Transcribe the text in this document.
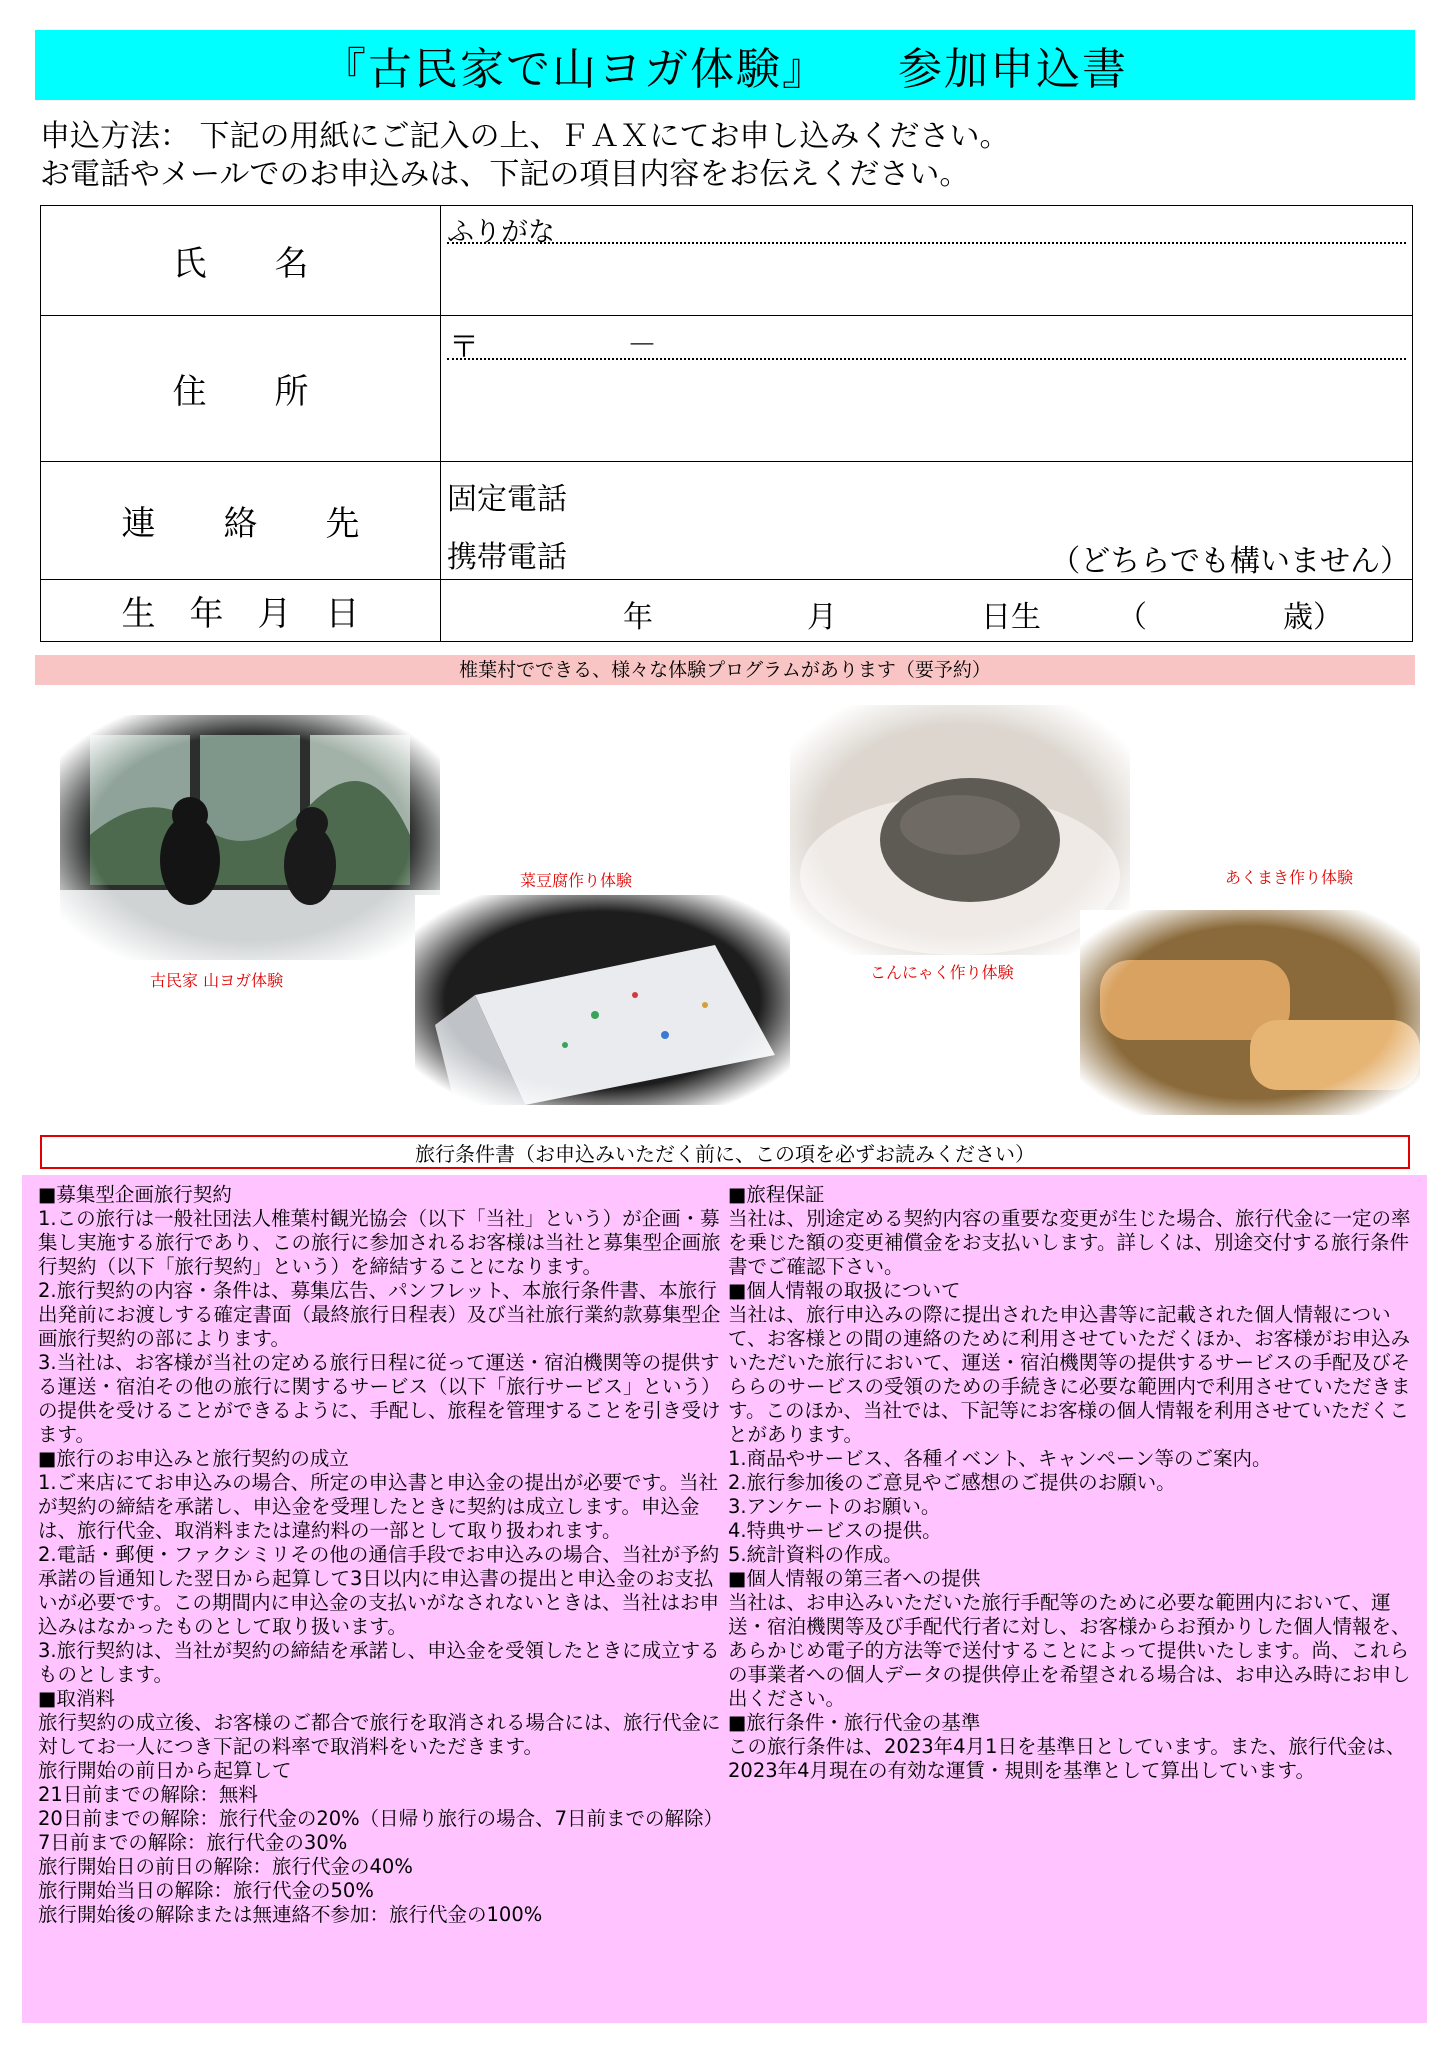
『古民家で山ヨガ体験』 参加申込書
申込方法： 下記の用紙にご記入の上、ＦＡＸにてお申し込みください。
お電話やメールでのお申込みは、下記の項目内容をお伝えください。
氏　　名	ふりがな

住　　所	〒 －

連　　絡　　先	固定電話
携帯電話 （どちらでも構いません）

生　年　月　日	年 月 日生 （ 歳）
椎葉村でできる、様々な体験プログラムがあります（要予約）
古民家 山ヨガ体験
菜豆腐作り体験
こんにゃく作り体験
あくまき作り体験
旅行条件書（お申込みいただく前に、この項を必ずお読みください）
■募集型企画旅行契約
1.この旅行は一般社団法人椎葉村観光協会（以下「当社」という）が企画・募集し実施する旅行であり、この旅行に参加されるお客様は当社と募集型企画旅行契約（以下「旅行契約」という）を締結することになります。
2.旅行契約の内容・条件は、募集広告、パンフレット、本旅行条件書、本旅行出発前にお渡しする確定書面（最終旅行日程表）及び当社旅行業約款募集型企画旅行契約の部によります。
3.当社は、お客様が当社の定める旅行日程に従って運送・宿泊機関等の提供する運送・宿泊その他の旅行に関するサービス（以下「旅行サービス」という）の提供を受けることができるように、手配し、旅程を管理することを引き受けます。
■旅行のお申込みと旅行契約の成立
1.ご来店にてお申込みの場合、所定の申込書と申込金の提出が必要です。当社が契約の締結を承諾し、申込金を受理したときに契約は成立します。申込金は、旅行代金、取消料または違約料の一部として取り扱われます。
2.電話・郵便・ファクシミリその他の通信手段でお申込みの場合、当社が予約承諾の旨通知した翌日から起算して3日以内に申込書の提出と申込金のお支払いが必要です。この期間内に申込金の支払いがなされないときは、当社はお申込みはなかったものとして取り扱います。
3.旅行契約は、当社が契約の締結を承諾し、申込金を受領したときに成立するものとします。
■取消料
旅行契約の成立後、お客様のご都合で旅行を取消される場合には、旅行代金に対してお一人につき下記の料率で取消料をいただきます。
旅行開始の前日から起算して
21日前までの解除：無料
20日前までの解除：旅行代金の20%（日帰り旅行の場合、7日前までの解除）
7日前までの解除：旅行代金の30%
旅行開始日の前日の解除：旅行代金の40%
旅行開始当日の解除：旅行代金の50%
旅行開始後の解除または無連絡不参加：旅行代金の100%
■旅程保証
当社は、別途定める契約内容の重要な変更が生じた場合、旅行代金に一定の率を乗じた額の変更補償金をお支払いします。詳しくは、別途交付する旅行条件書でご確認下さい。
■個人情報の取扱について
当社は、旅行申込みの際に提出された申込書等に記載された個人情報について、お客様との間の連絡のために利用させていただくほか、お客様がお申込みいただいた旅行において、運送・宿泊機関等の提供するサービスの手配及びそららのサービスの受領のための手続きに必要な範囲内で利用させていただきます。このほか、当社では、下記等にお客様の個人情報を利用させていただくことがあります。
1.商品やサービス、各種イベント、キャンペーン等のご案内。
2.旅行参加後のご意見やご感想のご提供のお願い。
3.アンケートのお願い。
4.特典サービスの提供。
5.統計資料の作成。
■個人情報の第三者への提供
当社は、お申込みいただいた旅行手配等のために必要な範囲内において、運送・宿泊機関等及び手配代行者に対し、お客様からお預かりした個人情報を、あらかじめ電子的方法等で送付することによって提供いたします。尚、これらの事業者への個人データの提供停止を希望される場合は、お申込み時にお申し出ください。
■旅行条件・旅行代金の基準
この旅行条件は、2023年4月1日を基準日としています。また、旅行代金は、2023年4月現在の有効な運賃・規則を基準として算出しています。
